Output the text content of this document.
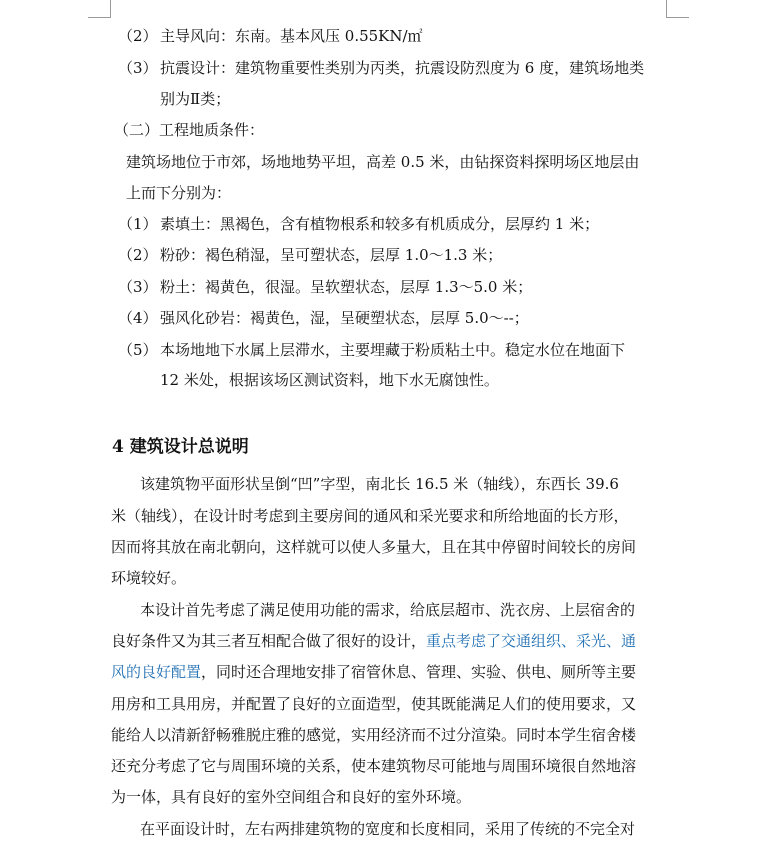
（2） 主导风向：东南。基本风压 0.55KN/㎡
（3） 抗震设计：建筑物重要性类别为丙类，抗震设防烈度为 6 度，建筑场地类
别为Ⅱ类；
（二）工程地质条件：
建筑场地位于市郊，场地地势平坦，高差 0.5 米，由钻探资料探明场区地层由
上而下分别为：
（1） 素填土：黑褐色，含有植物根系和较多有机质成分，层厚约 1 米；
（2） 粉砂：褐色稍湿，呈可塑状态，层厚 1.0～1.3 米；
（3） 粉土：褐黄色，很湿。呈软塑状态，层厚 1.3～5.0 米；
（4） 强风化砂岩：褐黄色，湿，呈硬塑状态，层厚 5.0～--；
（5） 本场地地下水属上层滞水，主要埋藏于粉质粘土中。稳定水位在地面下
12 米处，根据该场区测试资料，地下水无腐蚀性。
4 建筑设计总说明
该建筑物平面形状呈倒“凹”字型，南北长 16.5 米（轴线），东西长 39.6
米（轴线），在设计时考虑到主要房间的通风和采光要求和所给地面的长方形，
因而将其放在南北朝向，这样就可以使人多量大，且在其中停留时间较长的房间
环境较好。
本设计首先考虑了满足使用功能的需求，给底层超市、洗衣房、上层宿舍的
良好条件又为其三者互相配合做了很好的设计，重点考虑了交通组织、采光、通
风的良好配置，同时还合理地安排了宿管休息、管理、实验、供电、厕所等主要
用房和工具用房，并配置了良好的立面造型，使其既能满足人们的使用要求，又
能给人以清新舒畅雅脱庄雅的感觉，实用经济而不过分渲染。同时本学生宿舍楼
还充分考虑了它与周围环境的关系，使本建筑物尽可能地与周围环境很自然地溶
为一体，具有良好的室外空间组合和良好的室外环境。
在平面设计时，左右两排建筑物的宽度和长度相同，采用了传统的不完全对
